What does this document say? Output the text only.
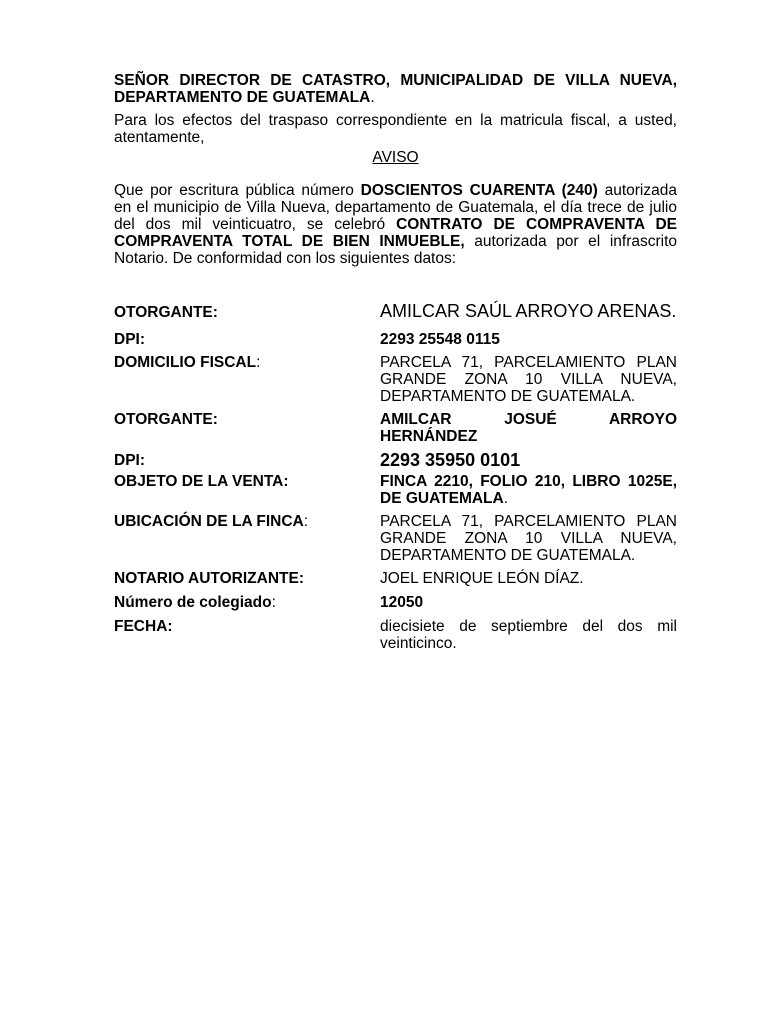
SEÑOR DIRECTOR DE CATASTRO, MUNICIPALIDAD DE VILLA NUEVA, DEPARTAMENTO DE GUATEMALA.

Para los efectos del traspaso correspondiente en la matricula fiscal, a usted, atentamente,

AVISO

Que por escritura pública número DOSCIENTOS CUARENTA (240) autorizada en el municipio de Villa Nueva, departamento de Guatemala, el día trece de julio del dos mil veinticuatro, se celebró CONTRATO DE COMPRAVENTA DE COMPRAVENTA TOTAL DE BIEN INMUEBLE, autorizada por el infrascrito Notario. De conformidad con los siguientes datos:

OTORGANTE:	AMILCAR SAÚL ARROYO ARENAS.
DPI:	2293 25548 0115
DOMICILIO FISCAL:	PARCELA 71, PARCELAMIENTO PLAN GRANDE ZONA 10 VILLA NUEVA, DEPARTAMENTO DE GUATEMALA.
OTORGANTE:	AMILCAR JOSUÉ ARROYO HERNÁNDEZ
DPI:	2293 35950 0101
OBJETO DE LA VENTA:	FINCA 2210, FOLIO 210, LIBRO 1025E, DE GUATEMALA.
UBICACIÓN DE LA FINCA:	PARCELA 71, PARCELAMIENTO PLAN GRANDE ZONA 10 VILLA NUEVA, DEPARTAMENTO DE GUATEMALA.
NOTARIO AUTORIZANTE:	JOEL ENRIQUE LEÓN DÍAZ.
Número de colegiado:	12050
FECHA:	diecisiete de septiembre del dos mil veinticinco.
